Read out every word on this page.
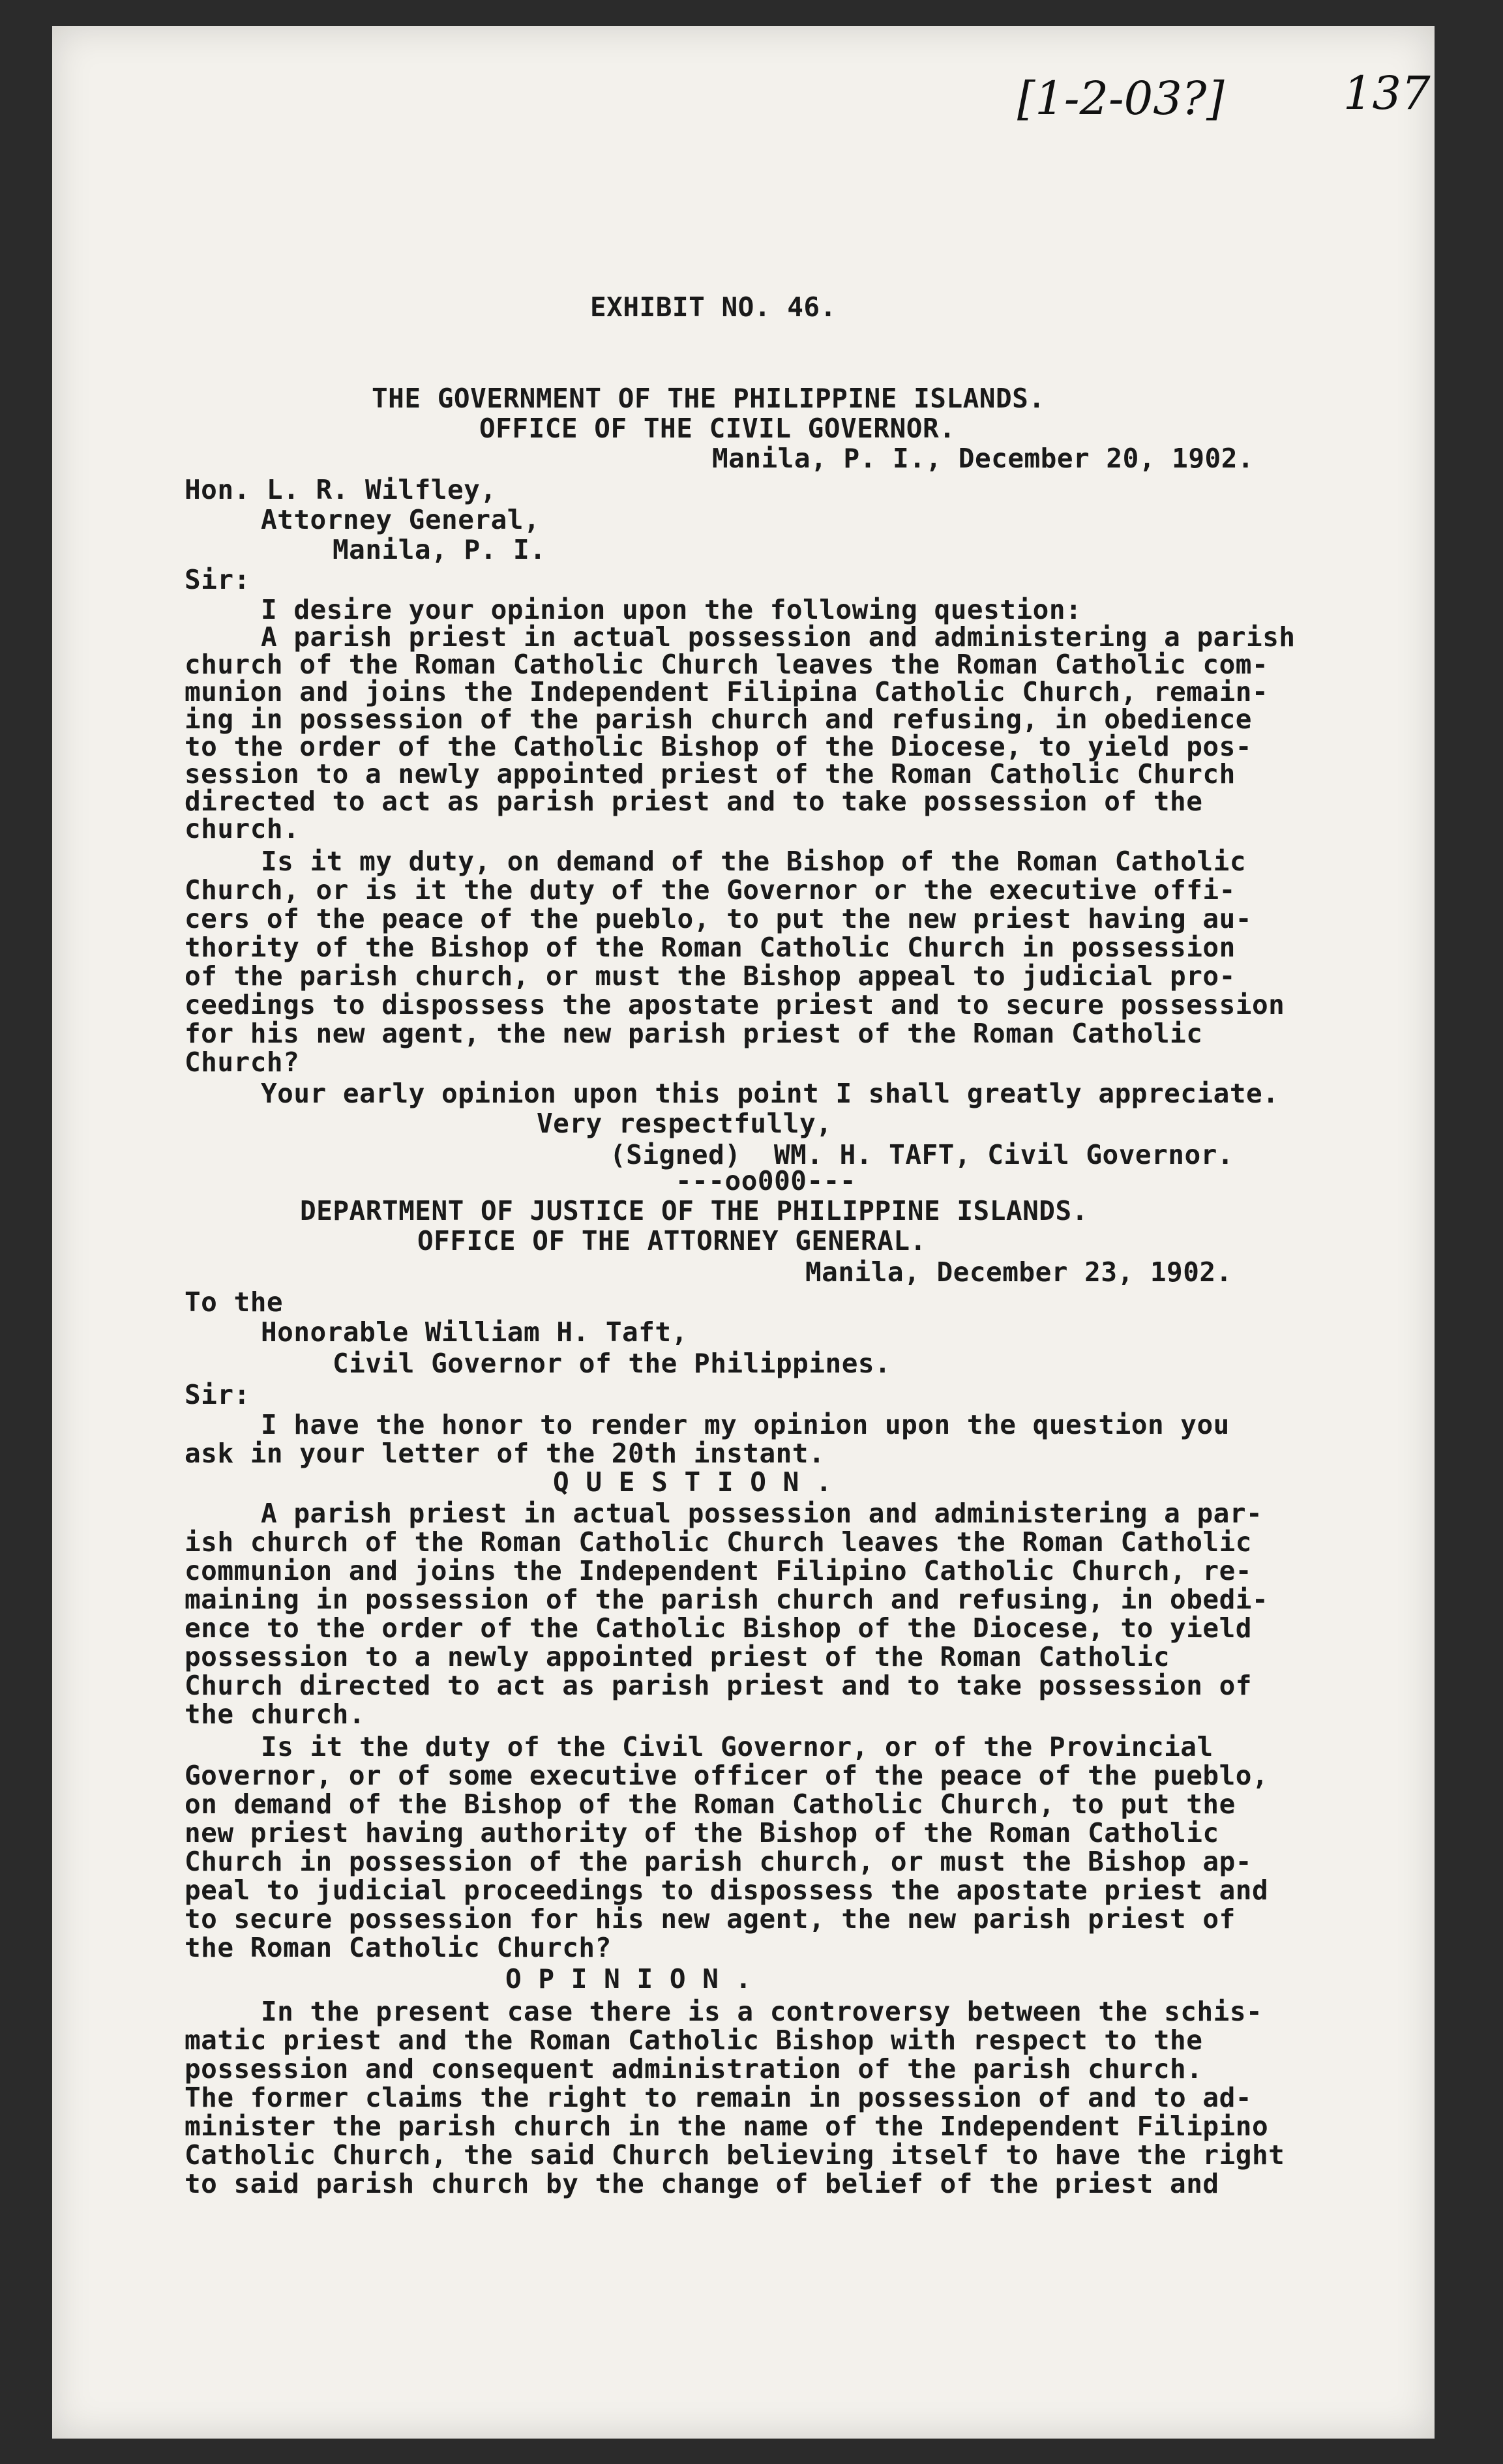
[1-2-03?]	137
EXHIBIT NO. 46.
THE GOVERNMENT OF THE PHILIPPINE ISLANDS.
OFFICE OF THE CIVIL GOVERNOR.
Manila, P. I., December 20, 1902.
Hon. L. R. Wilfley,
Attorney General,
Manila, P. I.
Sir:
I desire your opinion upon the following question:
A parish priest in actual possession and administering a parish
church of the Roman Catholic Church leaves the Roman Catholic com-
munion and joins the Independent Filipina Catholic Church, remain-
ing in possession of the parish church and refusing, in obedience
to the order of the Catholic Bishop of the Diocese, to yield pos-
session to a newly appointed priest of the Roman Catholic Church
directed to act as parish priest and to take possession of the
church.
Is it my duty, on demand of the Bishop of the Roman Catholic
Church, or is it the duty of the Governor or the executive offi-
cers of the peace of the pueblo, to put the new priest having au-
thority of the Bishop of the Roman Catholic Church in possession
of the parish church, or must the Bishop appeal to judicial pro-
ceedings to dispossess the apostate priest and to secure possession
for his new agent, the new parish priest of the Roman Catholic
Church?
Your early opinion upon this point I shall greatly appreciate.
Very respectfully,
(Signed)  WM. H. TAFT, Civil Governor.
---oo000---
DEPARTMENT OF JUSTICE OF THE PHILIPPINE ISLANDS.
OFFICE OF THE ATTORNEY GENERAL.
Manila, December 23, 1902.
To the
Honorable William H. Taft,
Civil Governor of the Philippines.
Sir:
I have the honor to render my opinion upon the question you
ask in your letter of the 20th instant.
Q U E S T I O N .
A parish priest in actual possession and administering a par-
ish church of the Roman Catholic Church leaves the Roman Catholic
communion and joins the Independent Filipino Catholic Church, re-
maining in possession of the parish church and refusing, in obedi-
ence to the order of the Catholic Bishop of the Diocese, to yield
possession to a newly appointed priest of the Roman Catholic
Church directed to act as parish priest and to take possession of
the church.
Is it the duty of the Civil Governor, or of the Provincial
Governor, or of some executive officer of the peace of the pueblo,
on demand of the Bishop of the Roman Catholic Church, to put the
new priest having authority of the Bishop of the Roman Catholic
Church in possession of the parish church, or must the Bishop ap-
peal to judicial proceedings to dispossess the apostate priest and
to secure possession for his new agent, the new parish priest of
the Roman Catholic Church?
O P I N I O N .
In the present case there is a controversy between the schis-
matic priest and the Roman Catholic Bishop with respect to the
possession and consequent administration of the parish church.
The former claims the right to remain in possession of and to ad-
minister the parish church in the name of the Independent Filipino
Catholic Church, the said Church believing itself to have the right
to said parish church by the change of belief of the priest and
